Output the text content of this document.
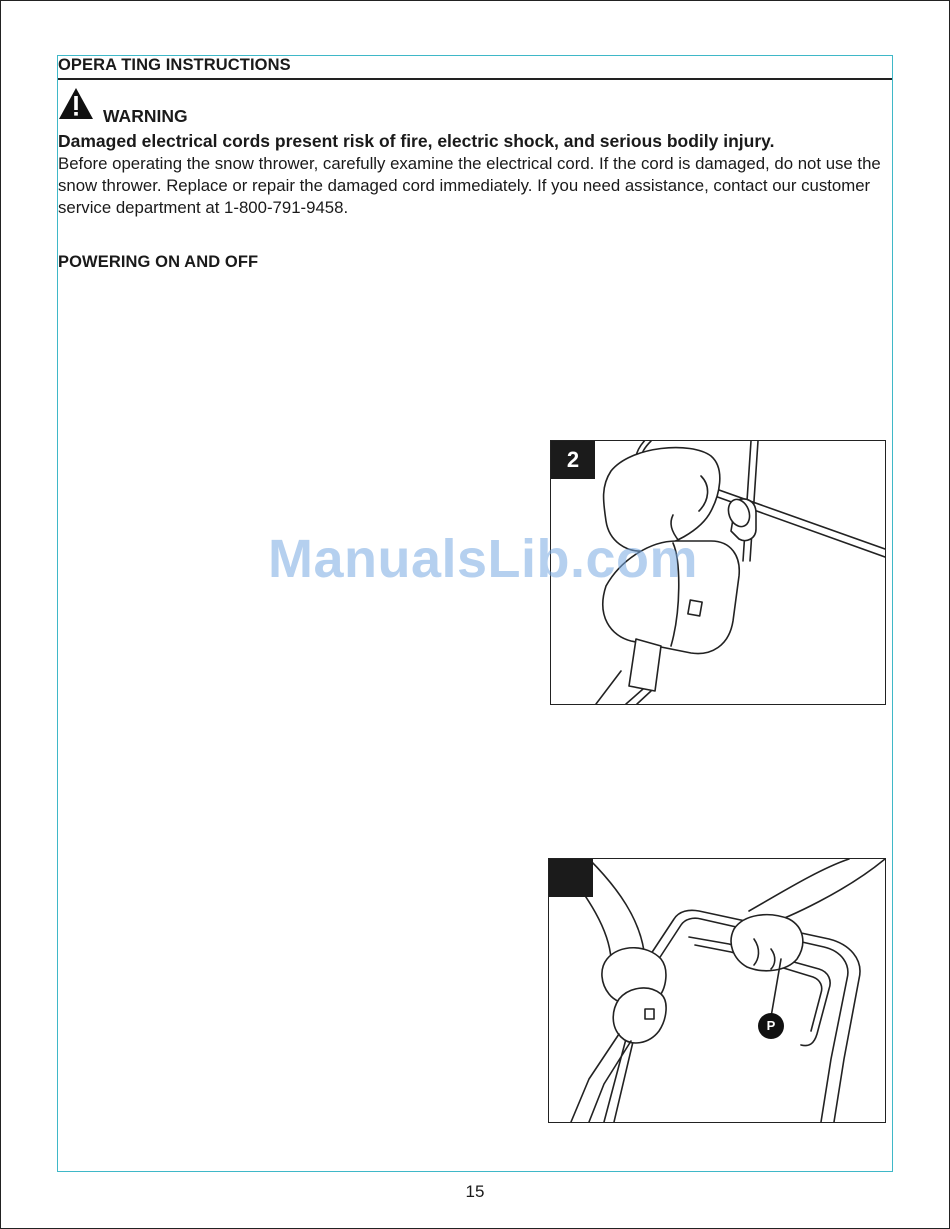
OPERA TING INSTRUCTIONS
WARNING
Damaged electrical cords present risk of fire, electric shock, and serious bodily injury.
Before operating the snow thrower, carefully examine the electrical cord. If the cord is damaged, do not use the snow thrower. Replace or repair the damaged cord immediately. If you need assistance, contact our customer service department at 1-800-791-9458.
POWERING ON AND OFF
2
P
ManualsLib.com
15
